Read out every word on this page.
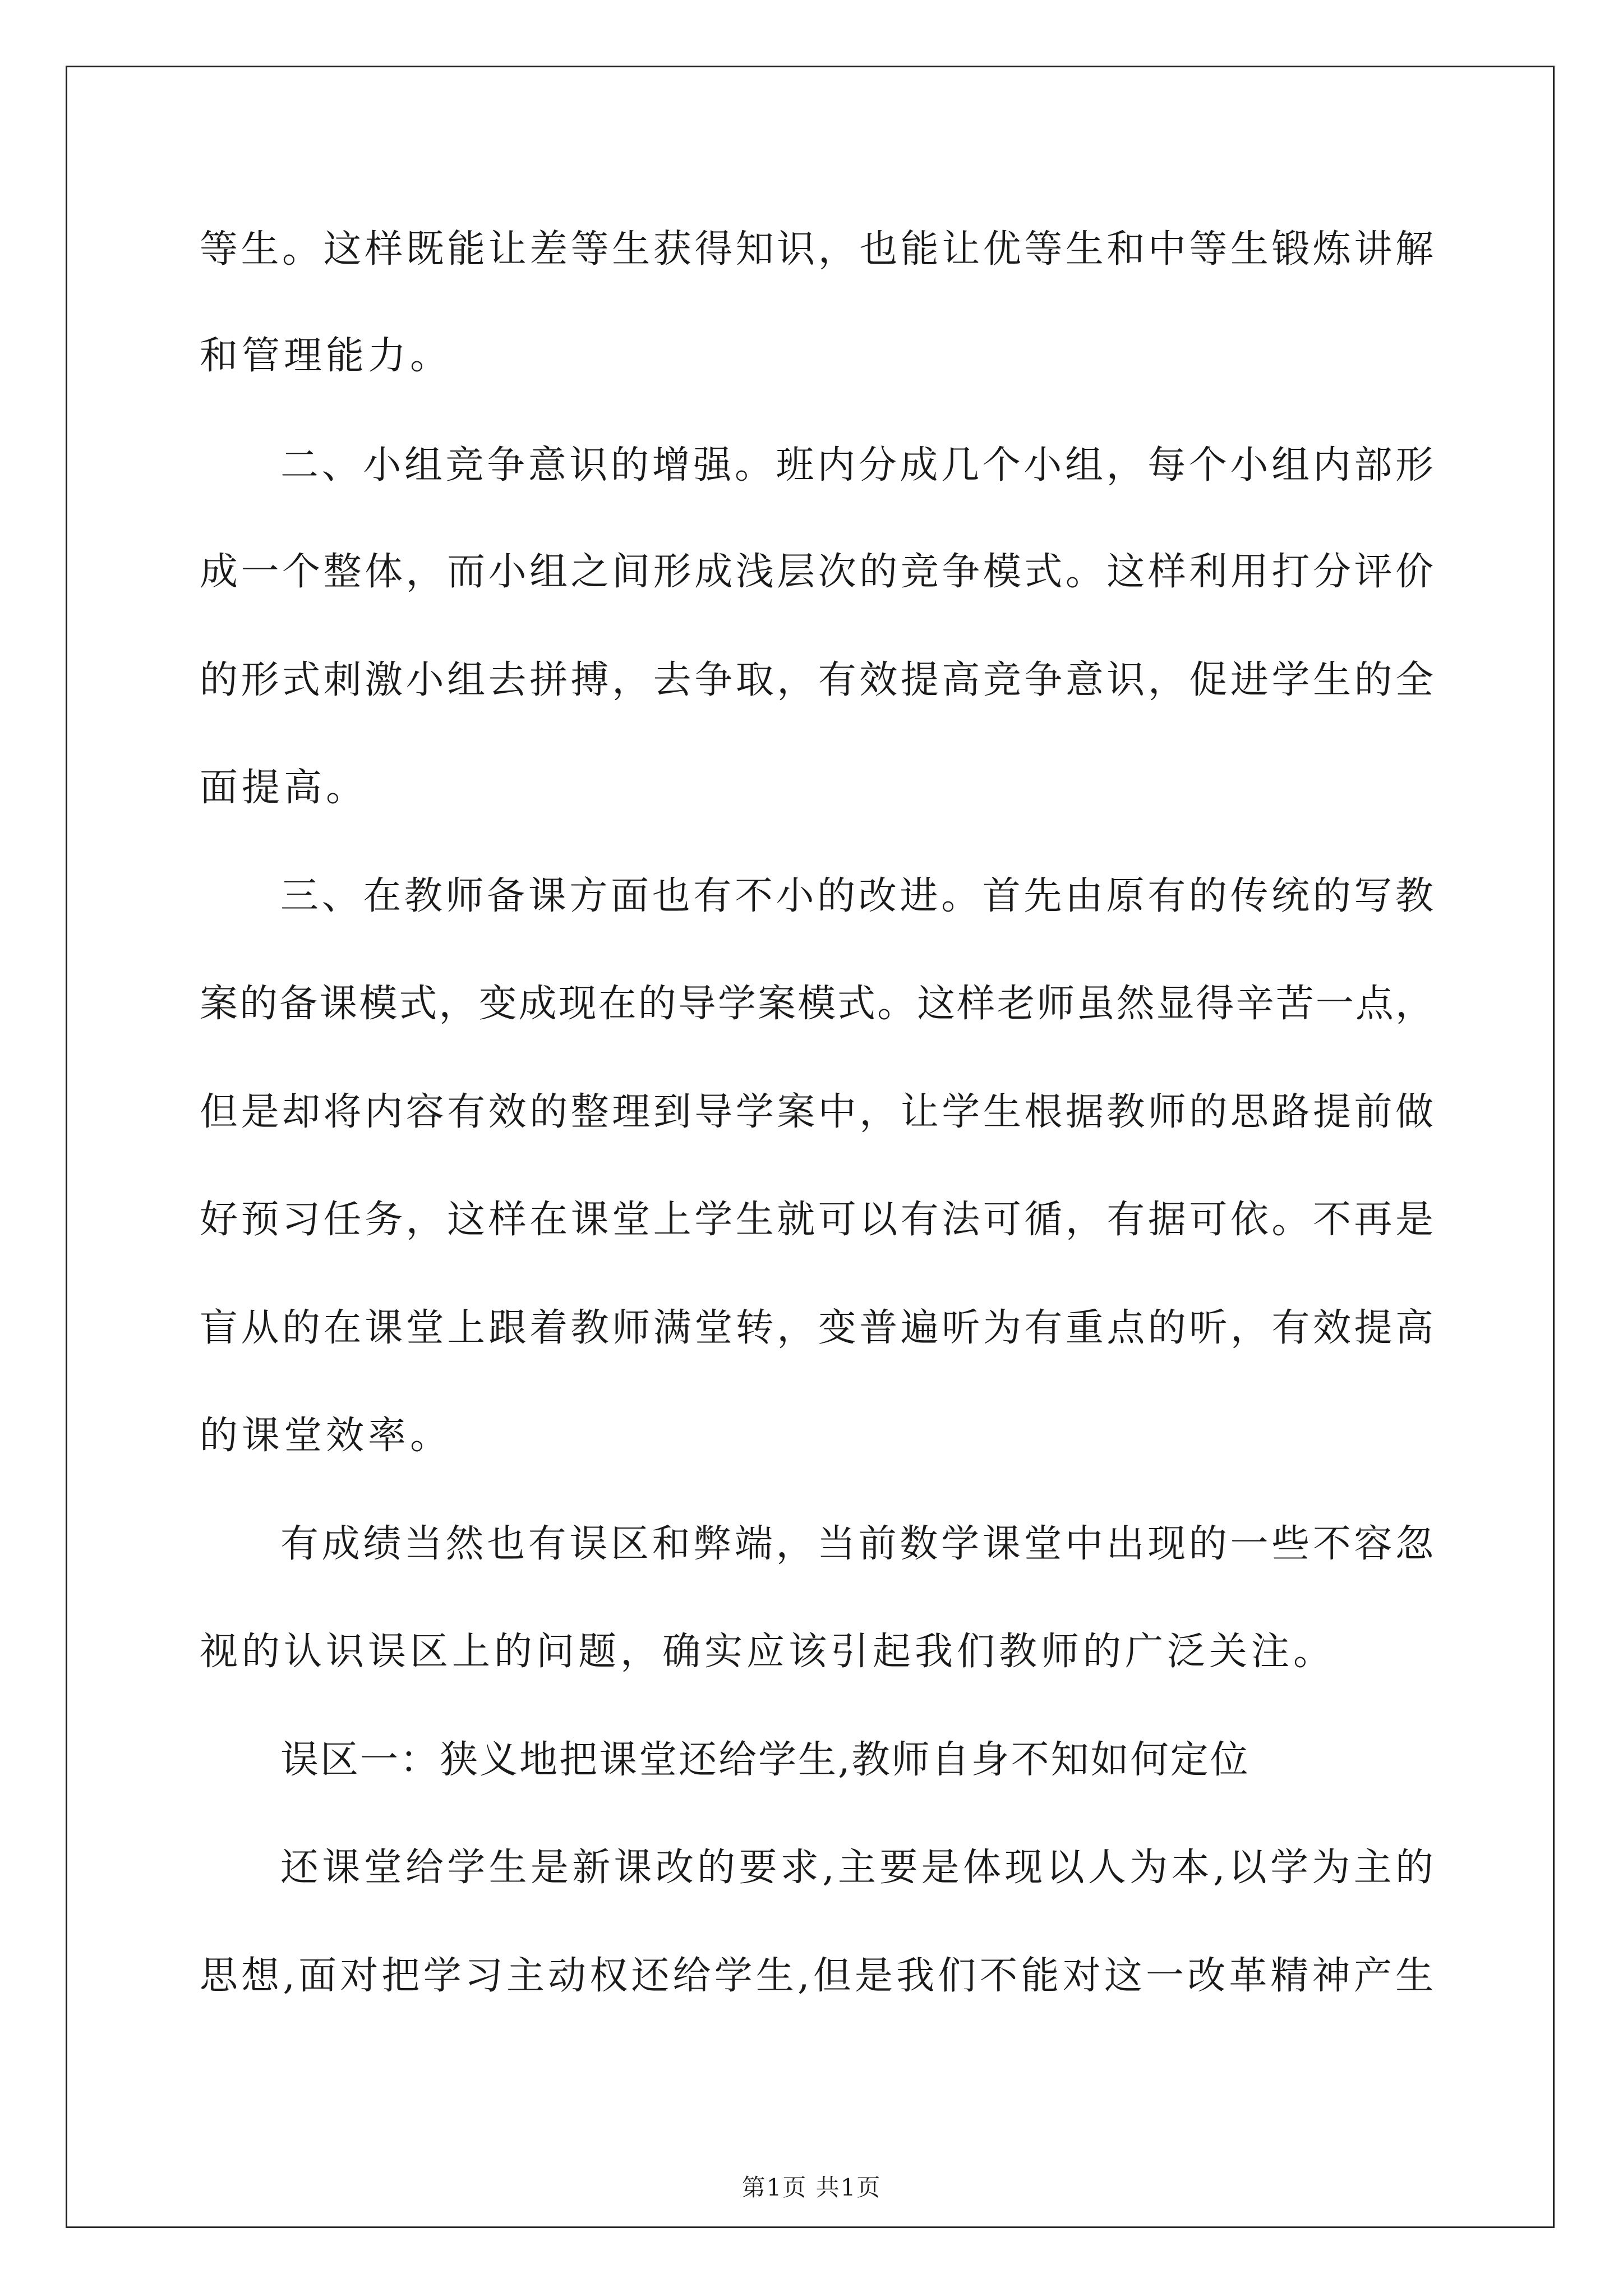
等生。这样既能让差等生获得知识，也能让优等生和中等生锻炼讲解
和管理能力。
二、小组竞争意识的增强。班内分成几个小组，每个小组内部形
成一个整体，而小组之间形成浅层次的竞争模式。这样利用打分评价
的形式刺激小组去拼搏，去争取，有效提高竞争意识，促进学生的全
面提高。
三、在教师备课方面也有不小的改进。首先由原有的传统的写教
案的备课模式，变成现在的导学案模式。这样老师虽然显得辛苦一点，
但是却将内容有效的整理到导学案中，让学生根据教师的思路提前做
好预习任务，这样在课堂上学生就可以有法可循，有据可依。不再是
盲从的在课堂上跟着教师满堂转，变普遍听为有重点的听，有效提高
的课堂效率。
有成绩当然也有误区和弊端，当前数学课堂中出现的一些不容忽
视的认识误区上的问题，确实应该引起我们教师的广泛关注。
误区一：狭义地把课堂还给学生,教师自身不知如何定位
还课堂给学生是新课改的要求,主要是体现以人为本,以学为主的
思想,面对把学习主动权还给学生,但是我们不能对这一改革精神产生
第1页 共1页
